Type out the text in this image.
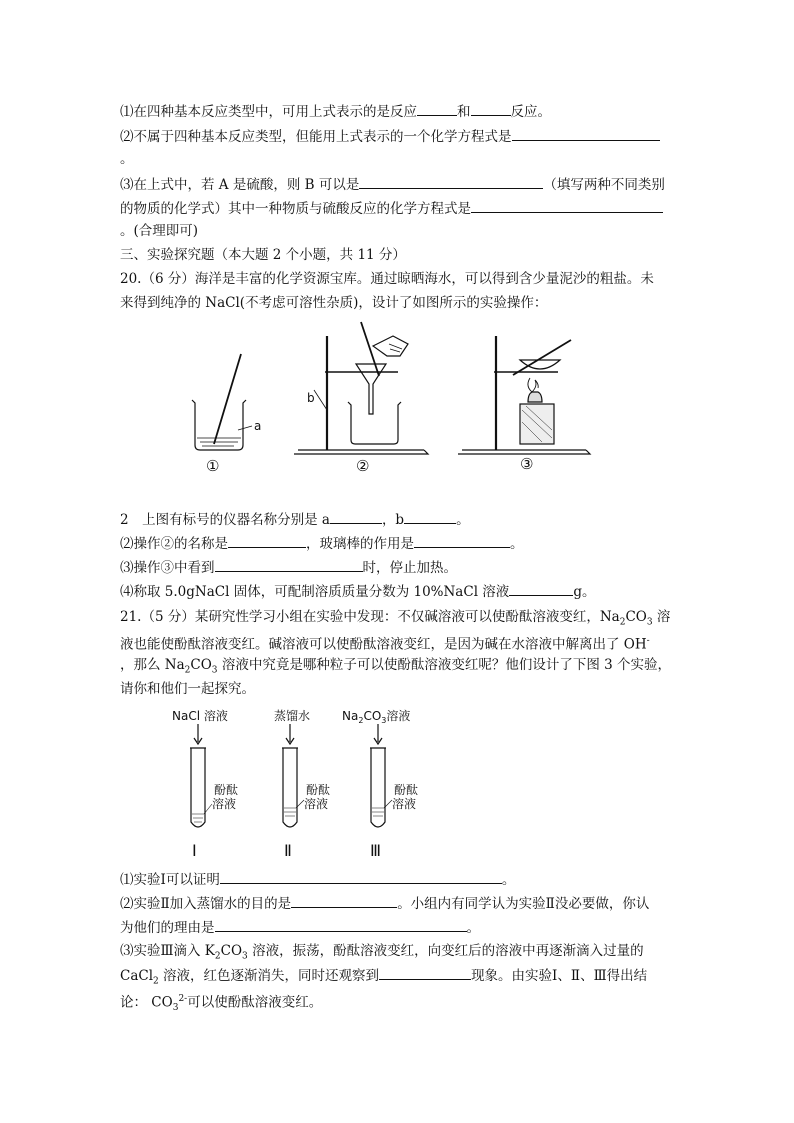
⑴在四种基本反应类型中，可用上式表示的是反应	和	反应。
⑵不属于四种基本反应类型，但能用上式表示的一个化学方程式是
。
⑶在上式中，若 A 是硫酸，则 B 可以是	（填写两种不同类别
的物质的化学式）其中一种物质与硫酸反应的化学方程式是
。(合理即可)
三、实验探究题（本大题 2 个小题，共 11 分）
20.（6 分）海洋是丰富的化学资源宝库。通过晾晒海水，可以得到含少量泥沙的粗盐。未
来得到纯净的 NaCl(不考虑可溶性杂质)，设计了如图所示的实验操作：
a
b
①	②	③
2　上图有标号的仪器名称分别是 a	，b	。
⑵操作②的名称是	，玻璃棒的作用是	。
⑶操作③中看到	时，停止加热。
⑷称取 5.0gNaCl 固体，可配制溶质质量分数为 10%NaCl 溶液	g。
21.（5 分）某研究性学习小组在实验中发现：不仅碱溶液可以使酚酞溶液变红，$Na_2CO_3$ 溶
液也能使酚酞溶液变红。碱溶液可以使酚酞溶液变红，是因为碱在水溶液中解离出了 OH-
，那么 $Na_2CO_3$ 溶液中究竟是哪种粒子可以使酚酞溶液变红呢？他们设计了下图 3 个实验，
请你和他们一起探究。
NaCl 溶液	蒸馏水	$Na_2CO_3$溶液
酚酞
溶液
酚酞
溶液
酚酞
溶液
Ⅰ	Ⅱ	Ⅲ
⑴实验Ⅰ可以证明	。
⑵实验Ⅱ加入蒸馏水的目的是	。小组内有同学认为实验Ⅱ没必要做，你认
为他们的理由是	。
⑶实验Ⅲ滴入 $K_2CO_3$ 溶液，振荡，酚酞溶液变红，向变红后的溶液中再逐渐滴入过量的
CaCl$_2$ 溶液，红色逐渐消失，同时还观察到	现象。由实验Ⅰ、Ⅱ、Ⅲ得出结
论： $CO_3^{2-}$可以使酚酞溶液变红。
